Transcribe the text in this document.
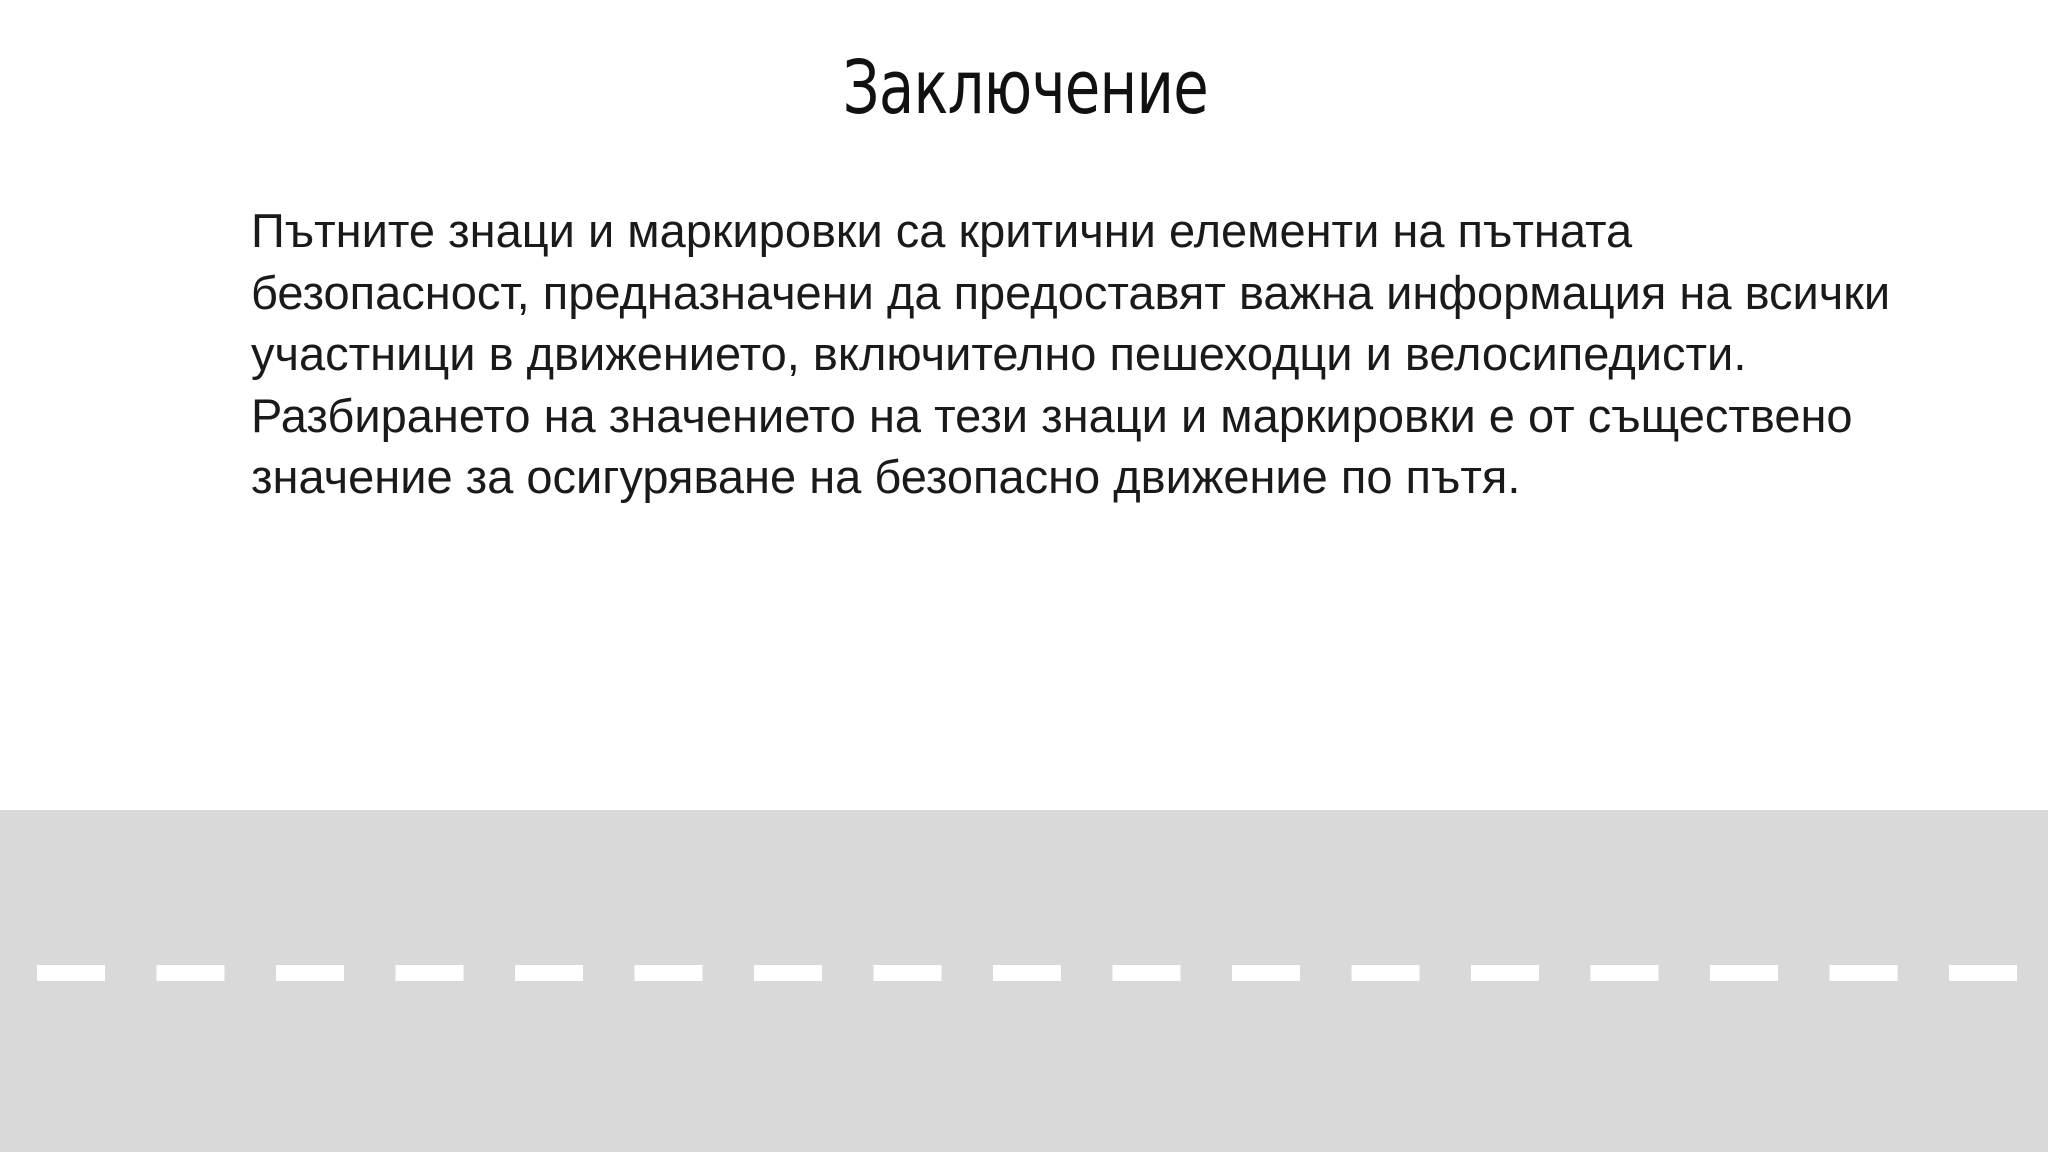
Заключение

Пътните знаци и маркировки са критични елементи на пътната безопасност, предназначени да предоставят важна информация на всички участници в движението, включително пешеходци и велосипедисти. Разбирането на значението на тези знаци и маркировки е от съществено значение за осигуряване на безопасно движение по пътя.
